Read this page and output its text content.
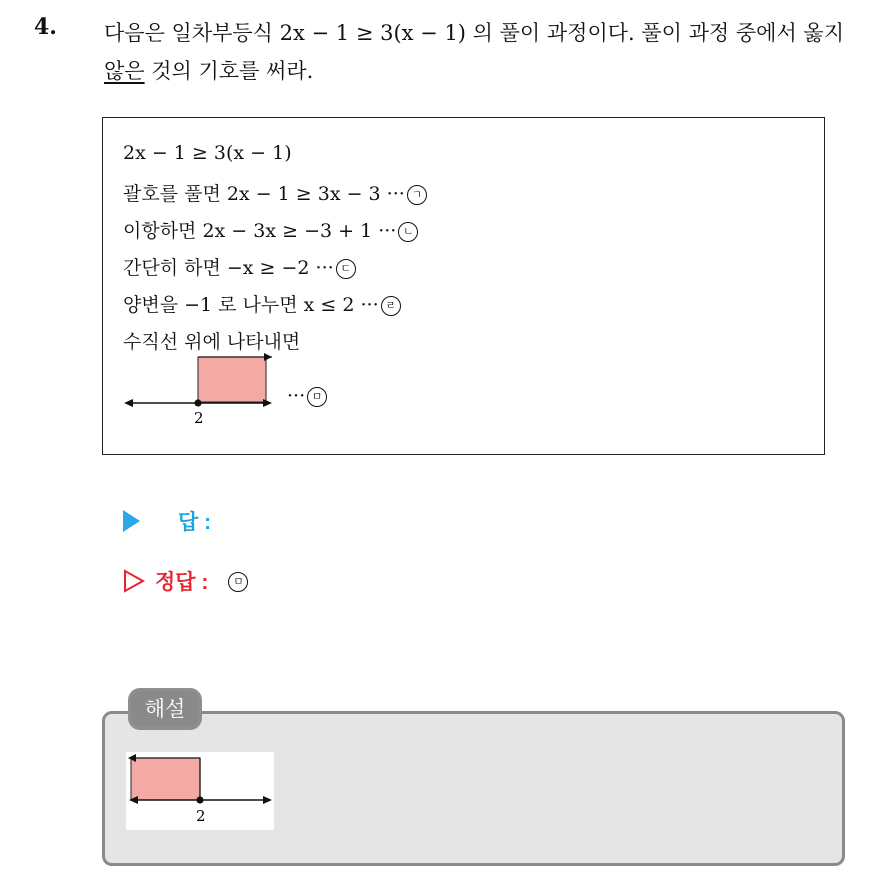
4. 다음은 일차부등식 2x − 1 ≥ 3(x − 1) 의 풀이 과정이다. 풀이 과정 중에서 옳지 않은 것의 기호를 써라.
2x − 1 ≥ 3(x − 1)
괄호를 풀면 2x − 1 ≥ 3x − 3 ··· ㄱ
이항하면 2x − 3x ≥ −3 + 1 ··· ㄴ
간단히 하면 −x ≥ −2 ··· ㄷ
양변을 −1 로 나누면 x ≤ 2 ··· ㄹ
수직선 위에 나타내면
2
··· ㅁ
답 :
정답 :	ㅁ
해설
2
